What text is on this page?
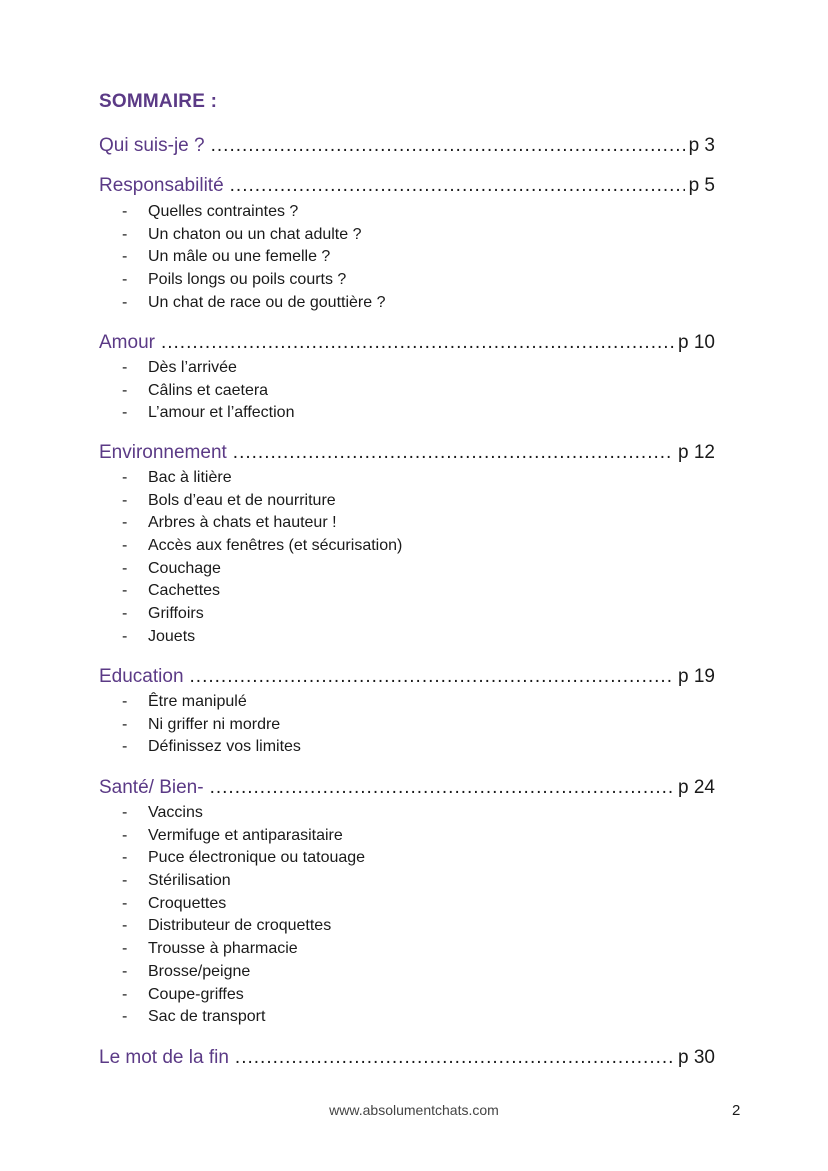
SOMMAIRE :
Qui suis-je ? .....	p 3
Responsabilité .....	p 5
-	Quelles contraintes ?
-	Un chaton ou un chat adulte ?
-	Un mâle ou une femelle ?
-	Poils longs ou poils courts ?
-	Un chat de race ou de gouttière ?
Amour .....	p 10
-	Dès l’arrivée
-	Câlins et caetera
-	L’amour et l’affection
Environnement .....	p 12
-	Bac à litière
-	Bols d’eau et de nourriture
-	Arbres à chats et hauteur !
-	Accès aux fenêtres (et sécurisation)
-	Couchage
-	Cachettes
-	Griffoirs
-	Jouets
Education .....	p 19
-	Être manipulé
-	Ni griffer ni mordre
-	Définissez vos limites
Santé/ Bien- .....	p 24
-	Vaccins
-	Vermifuge et antiparasitaire
-	Puce électronique ou tatouage
-	Stérilisation
-	Croquettes
-	Distributeur de croquettes
-	Trousse à pharmacie
-	Brosse/peigne
-	Coupe-griffes
-	Sac de transport
Le mot de la fin .....	p 30
www.absolumentchats.com	2
